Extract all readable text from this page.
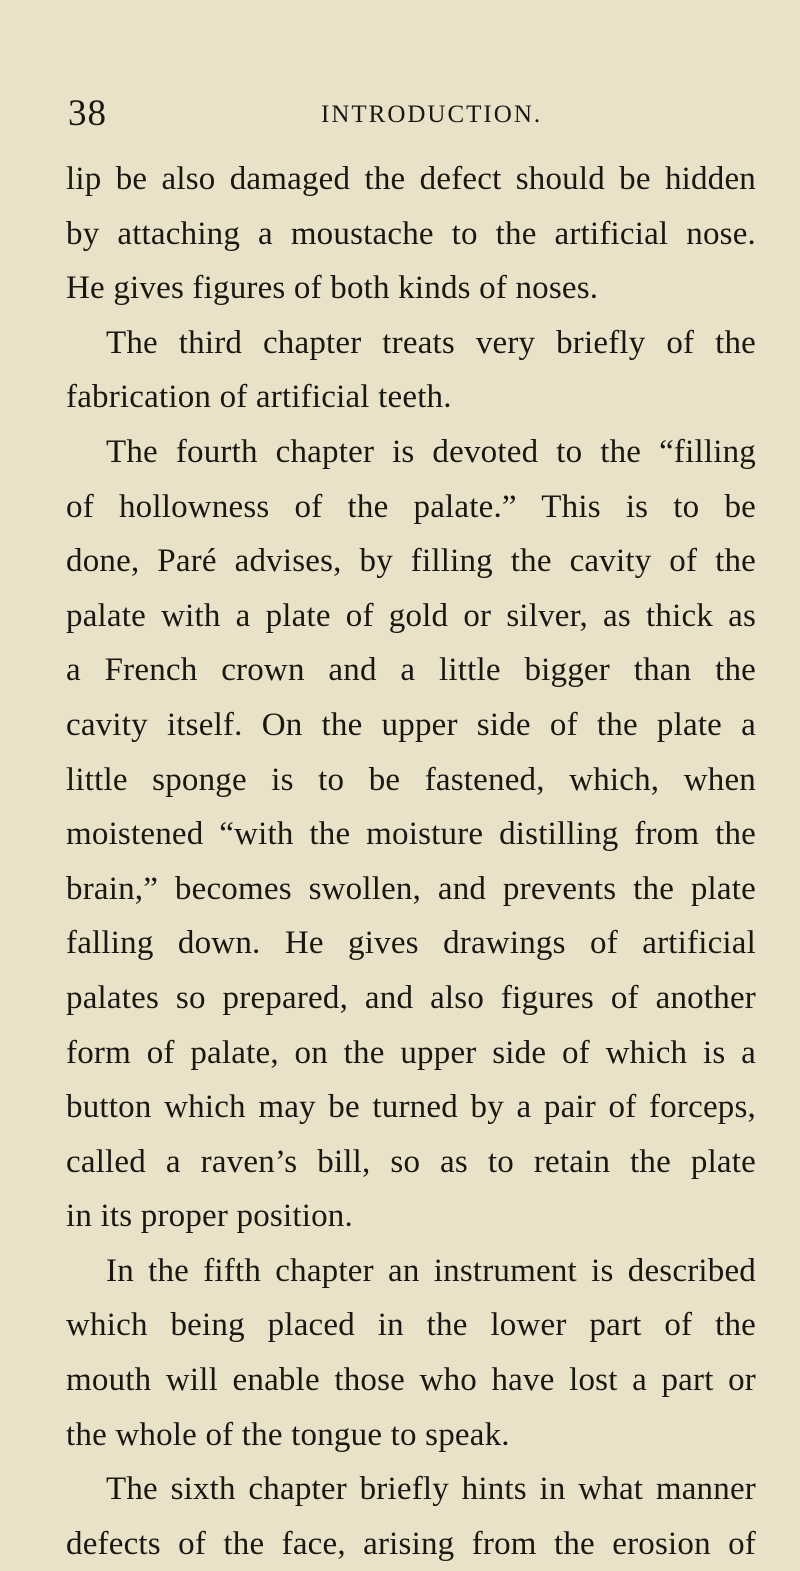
38	INTRODUCTION.
lip be also damaged the defect should be hidden
by attaching a moustache to the artificial nose.
He gives figures of both kinds of noses.
The third chapter treats very briefly of the
fabrication of artificial teeth.
The fourth chapter is devoted to the “filling
of hollowness of the palate.” This is to be
done, Paré advises, by filling the cavity of the
palate with a plate of gold or silver, as thick as
a French crown and a little bigger than the
cavity itself. On the upper side of the plate a
little sponge is to be fastened, which, when
moistened “with the moisture distilling from the
brain,” becomes swollen, and prevents the plate
falling down. He gives drawings of artificial
palates so prepared, and also figures of another
form of palate, on the upper side of which is a
button which may be turned by a pair of forceps,
called a raven’s bill, so as to retain the plate
in its proper position.
In the fifth chapter an instrument is described
which being placed in the lower part of the
mouth will enable those who have lost a part or
the whole of the tongue to speak.
The sixth chapter briefly hints in what manner
defects of the face, arising from the erosion of
